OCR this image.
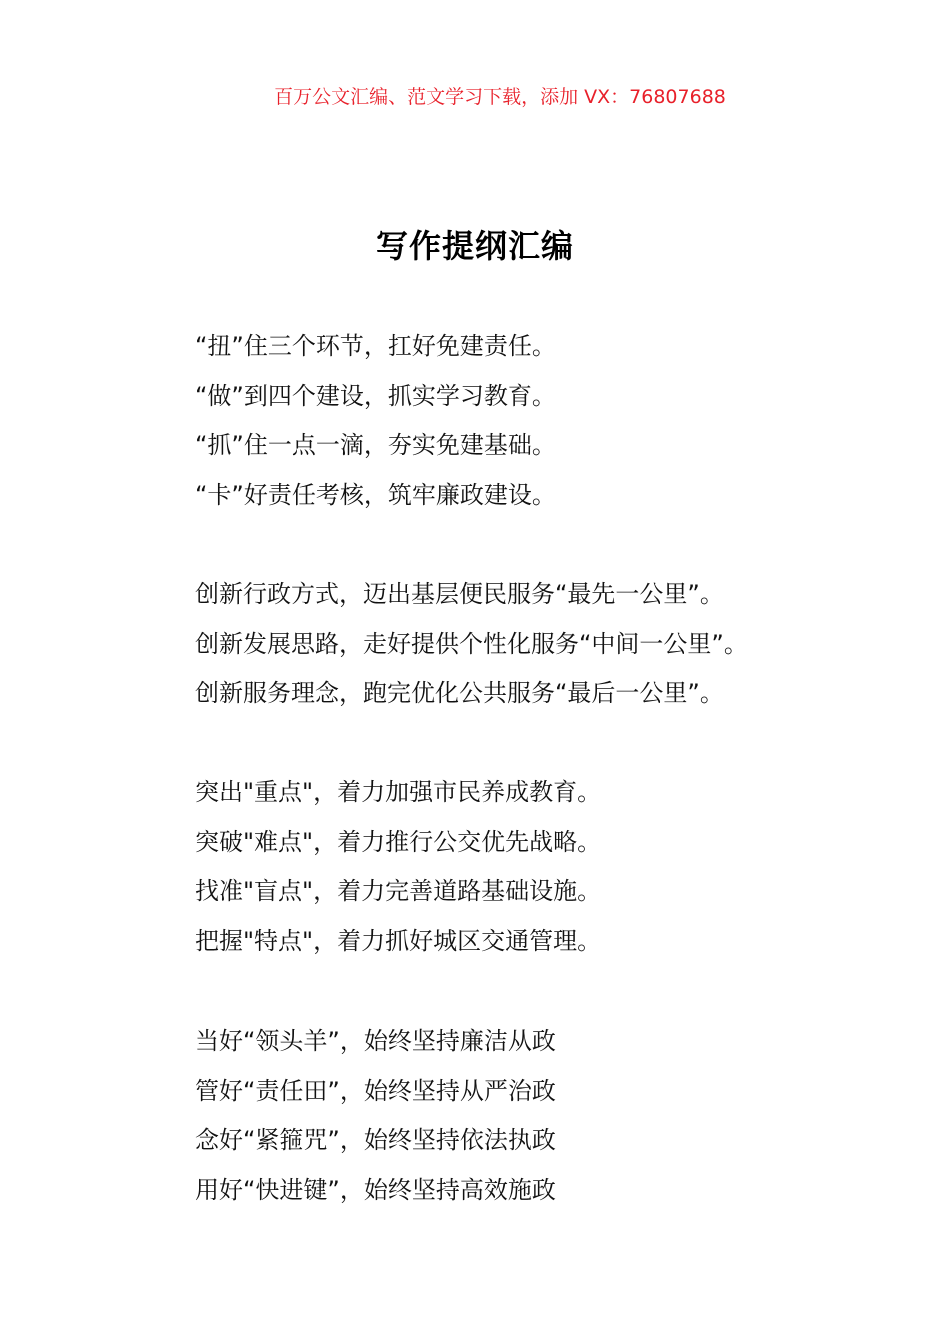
百万公文汇编、范文学习下载，添加 VX：76807688
写作提纲汇编
“扭”住三个环节，扛好免建责任。
“做”到四个建设，抓实学习教育。
“抓”住一点一滴，夯实免建基础。
“卡”好责任考核，筑牢廉政建设。
创新行政方式，迈出基层便民服务“最先一公里”。
创新发展思路，走好提供个性化服务“中间一公里”。
创新服务理念，跑完优化公共服务“最后一公里”。
突出"重点"，着力加强市民养成教育。
突破"难点"，着力推行公交优先战略。
找准"盲点"，着力完善道路基础设施。
把握"特点"，着力抓好城区交通管理。
当好“领头羊”，始终坚持廉洁从政
管好“责任田”，始终坚持从严治政
念好“紧箍咒”，始终坚持依法执政
用好“快进键”，始终坚持高效施政
